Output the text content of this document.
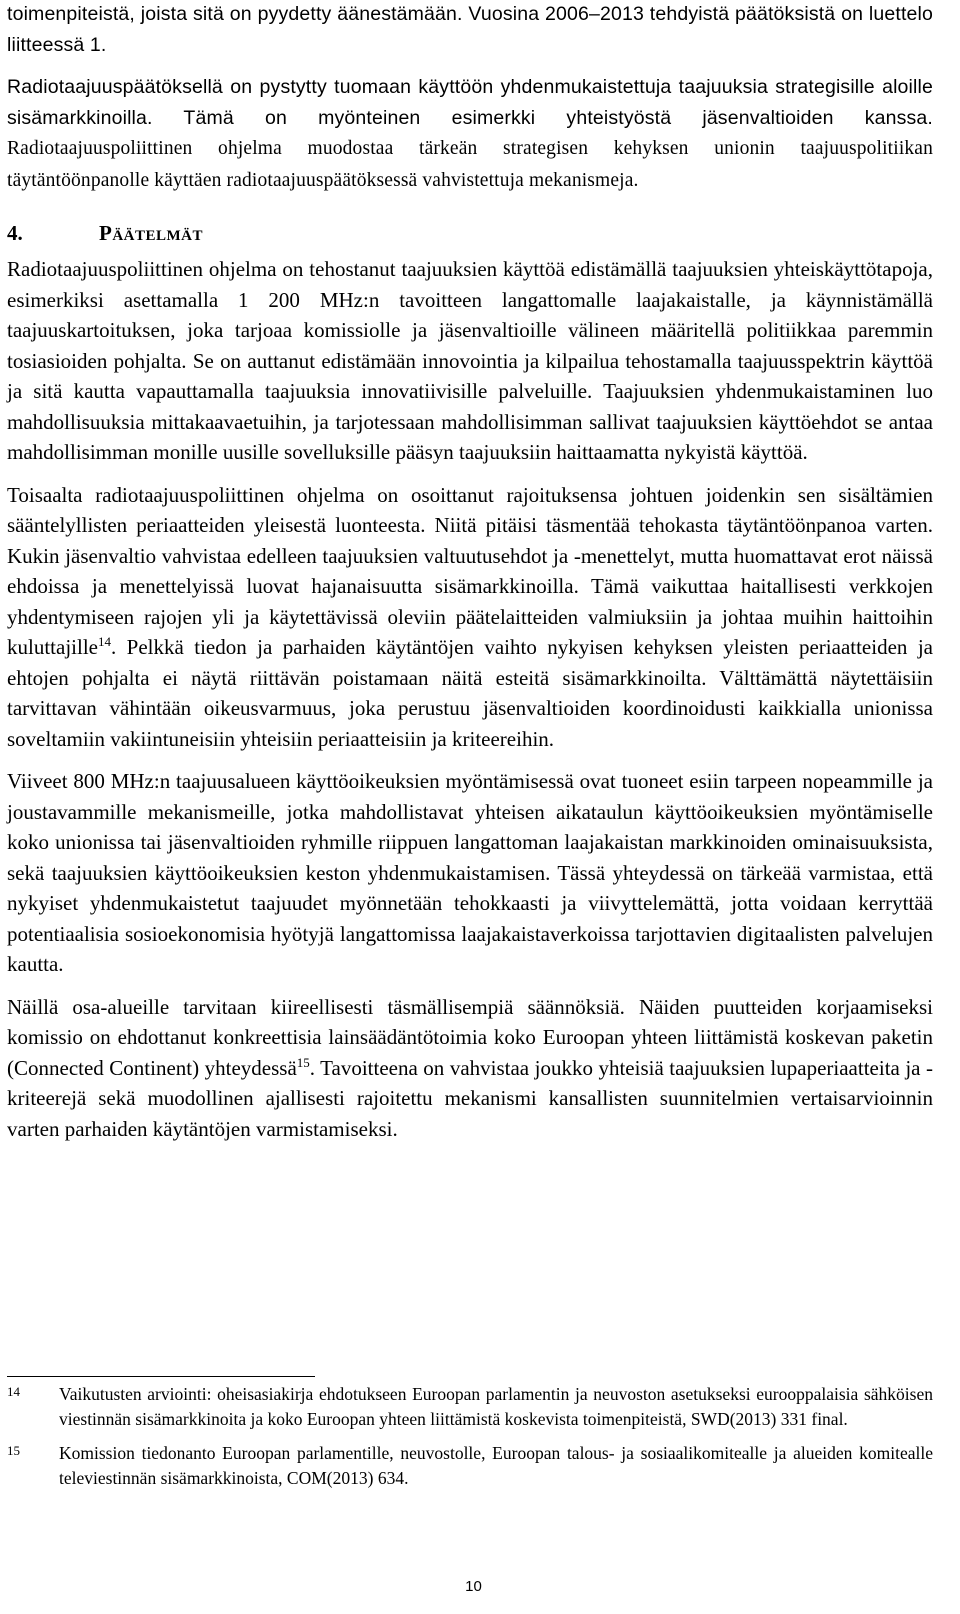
toimenpiteistä, joista sitä on pyydetty äänestämään. Vuosina 2006–2013 tehdyistä päätöksistä on luettelo liitteessä 1.

Radiotaajuuspäätöksellä on pystytty tuomaan käyttöön yhdenmukaistettuja taajuuksia strategisille aloille sisämarkkinoilla. Tämä on myönteinen esimerkki yhteistyöstä jäsenvaltioiden kanssa. Radiotaajuuspoliittinen ohjelma muodostaa tärkeän strategisen kehyksen unionin taajuuspolitiikan täytäntöönpanolle käyttäen radiotaajuuspäätöksessä vahvistettuja mekanismeja.

4.	Päätelmät

Radiotaajuuspoliittinen ohjelma on tehostanut taajuuksien käyttöä edistämällä taajuuksien yhteiskäyttötapoja, esimerkiksi asettamalla 1 200 MHz:n tavoitteen langattomalle laajakaistalle, ja käynnistämällä taajuuskartoituksen, joka tarjoaa komissiolle ja jäsenvaltioille välineen määritellä politiikkaa paremmin tosiasioiden pohjalta. Se on auttanut edistämään innovointia ja kilpailua tehostamalla taajuusspektrin käyttöä ja sitä kautta vapauttamalla taajuuksia innovatiivisille palveluille. Taajuuksien yhdenmukaistaminen luo mahdollisuuksia mittakaavaetuihin, ja tarjotessaan mahdollisimman sallivat taajuuksien käyttöehdot se antaa mahdollisimman monille uusille sovelluksille pääsyn taajuuksiin haittaamatta nykyistä käyttöä.

Toisaalta radiotaajuuspoliittinen ohjelma on osoittanut rajoituksensa johtuen joidenkin sen sisältämien sääntelyllisten periaatteiden yleisestä luonteesta. Niitä pitäisi täsmentää tehokasta täytäntöönpanoa varten. Kukin jäsenvaltio vahvistaa edelleen taajuuksien valtuutusehdot ja -menettelyt, mutta huomattavat erot näissä ehdoissa ja menettelyissä luovat hajanaisuutta sisämarkkinoilla. Tämä vaikuttaa haitallisesti verkkojen yhdentymiseen rajojen yli ja käytettävissä oleviin päätelaitteiden valmiuksiin ja johtaa muihin haittoihin kuluttajille$^{14}$. Pelkkä tiedon ja parhaiden käytäntöjen vaihto nykyisen kehyksen yleisten periaatteiden ja ehtojen pohjalta ei näytä riittävän poistamaan näitä esteitä sisämarkkinoilta. Välttämättä näytettäisiin tarvittavan vähintään oikeusvarmuus, joka perustuu jäsenvaltioiden koordinoidusti kaikkialla unionissa soveltamiin vakiintuneisiin yhteisiin periaatteisiin ja kriteereihin.

Viiveet 800 MHz:n taajuusalueen käyttöoikeuksien myöntämisessä ovat tuoneet esiin tarpeen nopeammille ja joustavammille mekanismeille, jotka mahdollistavat yhteisen aikataulun käyttöoikeuksien myöntämiselle koko unionissa tai jäsenvaltioiden ryhmille riippuen langattoman laajakaistan markkinoiden ominaisuuksista, sekä taajuuksien käyttöoikeuksien keston yhdenmukaistamisen. Tässä yhteydessä on tärkeää varmistaa, että nykyiset yhdenmukaistetut taajuudet myönnetään tehokkaasti ja viivyttelemättä, jotta voidaan kerryttää potentiaalisia sosioekonomisia hyötyjä langattomissa laajakaistaverkoissa tarjottavien digitaalisten palvelujen kautta.

Näillä osa-alueille tarvitaan kiireellisesti täsmällisempiä säännöksiä. Näiden puutteiden korjaamiseksi komissio on ehdottanut konkreettisia lainsäädäntötoimia koko Euroopan yhteen liittämistä koskevan paketin (Connected Continent) yhteydessä$^{15}$. Tavoitteena on vahvistaa joukko yhteisiä taajuuksien lupaperiaatteita ja -kriteerejä sekä muodollinen ajallisesti rajoitettu mekanismi kansallisten suunnitelmien vertaisarvioinnin varten parhaiden käytäntöjen varmistamiseksi.

14	Vaikutusten arviointi: oheisasiakirja ehdotukseen Euroopan parlamentin ja neuvoston asetukseksi eurooppalaisia sähköisen viestinnän sisämarkkinoita ja koko Euroopan yhteen liittämistä koskevista toimenpiteistä, SWD(2013) 331 final.
15	Komission tiedonanto Euroopan parlamentille, neuvostolle, Euroopan talous- ja sosiaalikomitealle ja alueiden komitealle televiestinnän sisämarkkinoista, COM(2013) 634.
10
